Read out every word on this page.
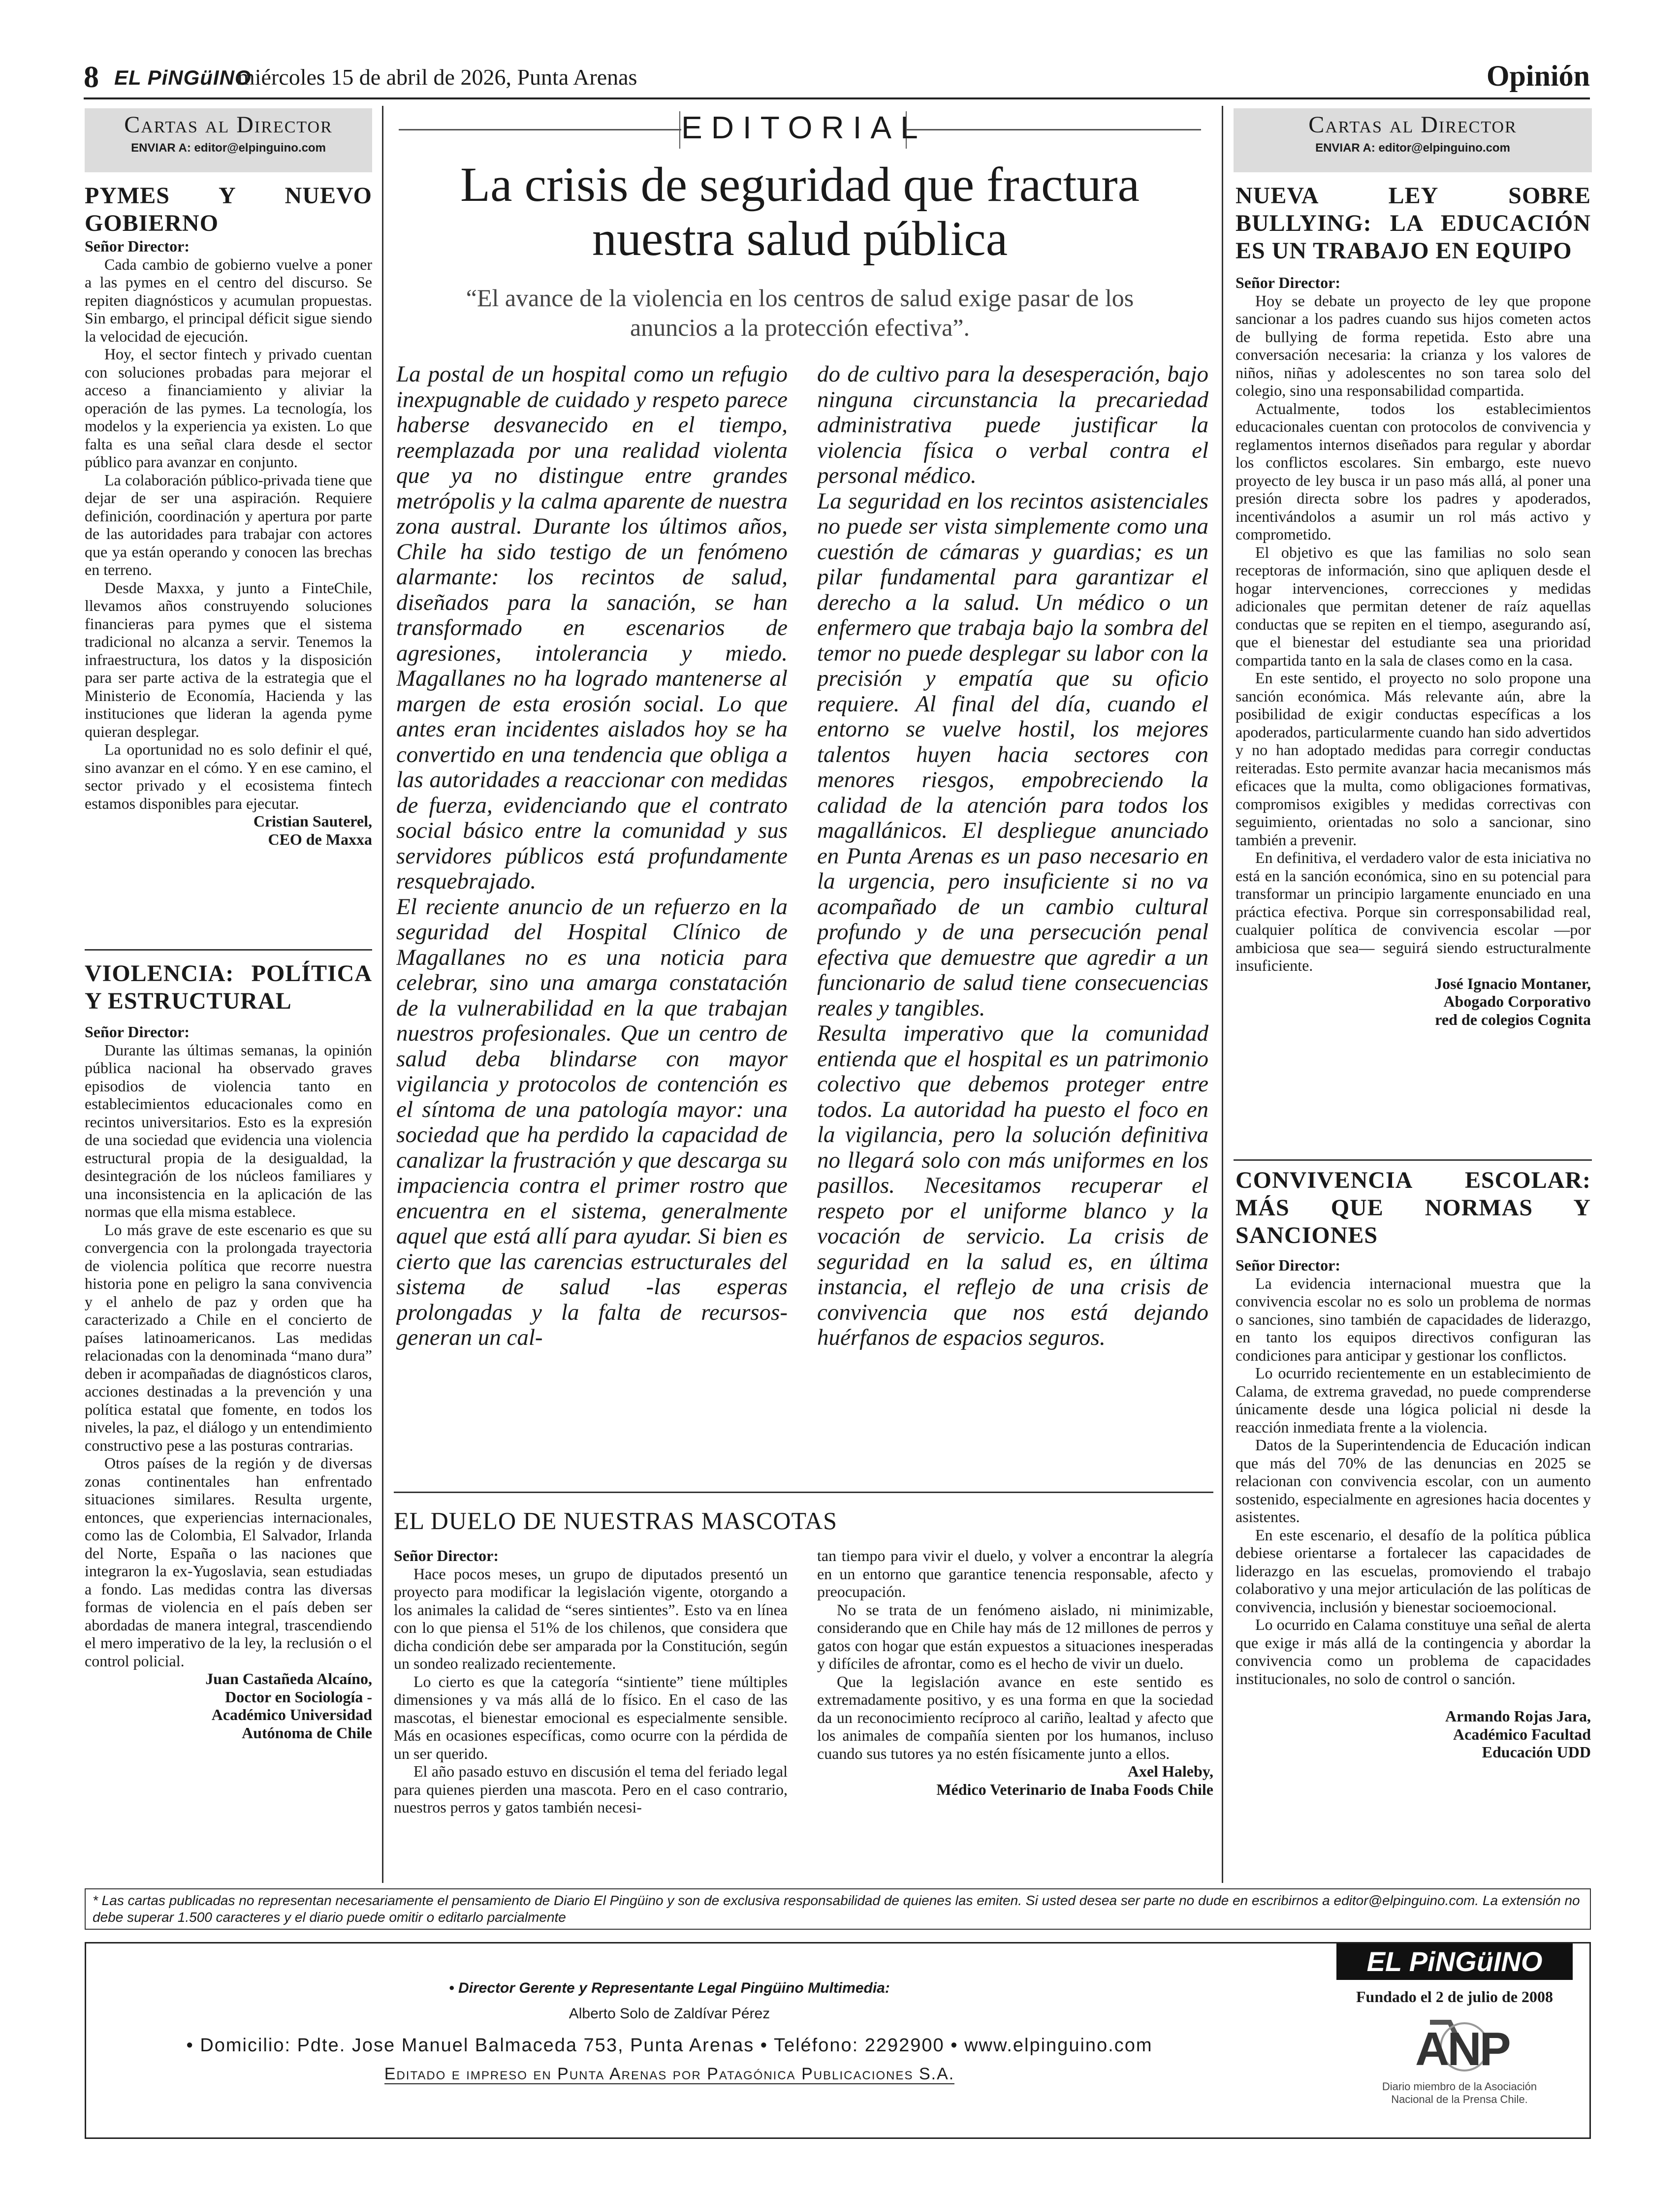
8 EL PiNGüINO
miércoles 15 de abril de 2026, Punta Arenas	Opinión
Cartas al Director
ENVIAR A: editor@elpinguino.com
PYMES Y NUEVO GOBIERNO

Señor Director:

Cada cambio de gobierno vuelve a poner a las pymes en el centro del discurso. Se repiten diagnósticos y acumulan propuestas. Sin embargo, el principal déficit sigue siendo la velocidad de ejecución.

Hoy, el sector fintech y privado cuentan con soluciones probadas para mejorar el acceso a financiamiento y aliviar la operación de las pymes. La tecnología, los modelos y la experiencia ya existen. Lo que falta es una señal clara desde el sector público para avanzar en conjunto.

La colaboración público-privada tiene que dejar de ser una aspiración. Requiere definición, coordinación y apertura por parte de las autoridades para trabajar con actores que ya están operando y conocen las brechas en terreno.

Desde Maxxa, y junto a FinteChile, llevamos años construyendo soluciones financieras para pymes que el sistema tradicional no alcanza a servir. Tenemos la infraestructura, los datos y la disposición para ser parte activa de la estrategia que el Ministerio de Economía, Hacienda y las instituciones que lideran la agenda pyme quieran desplegar.

La oportunidad no es solo definir el qué, sino avanzar en el cómo. Y en ese camino, el sector privado y el ecosistema fintech estamos disponibles para ejecutar.

Cristian Sauterel,

CEO de Maxxa

VIOLENCIA: POLÍTICA Y ESTRUCTURAL

Señor Director:

Durante las últimas semanas, la opinión pública nacional ha observado graves episodios de violencia tanto en establecimientos educacionales como en recintos universitarios. Esto es la expresión de una sociedad que evidencia una violencia estructural propia de la desigualdad, la desintegración de los núcleos familiares y una inconsistencia en la aplicación de las normas que ella misma establece.

Lo más grave de este escenario es que su convergencia con la prolongada trayectoria de violencia política que recorre nuestra historia pone en peligro la sana convivencia y el anhelo de paz y orden que ha caracterizado a Chile en el concierto de países latinoamericanos. Las medidas relacionadas con la denominada “mano dura” deben ir acompañadas de diagnósticos claros, acciones destinadas a la prevención y una política estatal que fomente, en todos los niveles, la paz, el diálogo y un entendimiento constructivo pese a las posturas contrarias.

Otros países de la región y de diversas zonas continentales han enfrentado situaciones similares. Resulta urgente, entonces, que experiencias internacionales, como las de Colombia, El Salvador, Irlanda del Norte, España o las naciones que integraron la ex-Yugoslavia, sean estudiadas a fondo. Las medidas contra las diversas formas de violencia en el país deben ser abordadas de manera integral, trascendiendo el mero imperativo de la ley, la reclusión o el control policial.

Juan Castañeda Alcaíno,

Doctor en Sociología -

Académico Universidad

Autónoma de Chile

EDITORIAL
La crisis de seguridad que fractura nuestra salud pública
“El avance de la violencia en los centros de salud exige pasar de los anuncios a la protección efectiva”.

La postal de un hospital como un refugio inexpugnable de cuidado y respeto parece haberse desvanecido en el tiempo, reemplazada por una realidad violenta que ya no distingue entre grandes metrópolis y la calma aparente de nuestra zona austral. Durante los últimos años, Chile ha sido testigo de un fenómeno alarmante: los recintos de salud, diseñados para la sanación, se han transformado en escenarios de agresiones, intolerancia y miedo. Magallanes no ha logrado mantenerse al margen de esta erosión social. Lo que antes eran incidentes aislados hoy se ha convertido en una tendencia que obliga a las autoridades a reaccionar con medidas de fuerza, evidenciando que el contrato social básico entre la comunidad y sus servidores públicos está profundamente resquebrajado.

El reciente anuncio de un refuerzo en la seguridad del Hospital Clínico de Magallanes no es una noticia para celebrar, sino una amarga constatación de la vulnerabilidad en la que trabajan nuestros profesionales. Que un centro de salud deba blindarse con mayor vigilancia y protocolos de contención es el síntoma de una patología mayor: una sociedad que ha perdido la capacidad de canalizar la frustración y que descarga su impaciencia contra el primer rostro que encuentra en el sistema, generalmente aquel que está allí para ayudar. Si bien es cierto que las carencias estructurales del sistema de salud -las esperas prolongadas y la falta de recursos- generan un cal-

do de cultivo para la desesperación, bajo ninguna circunstancia la precariedad administrativa puede justificar la violencia física o verbal contra el personal médico.

La seguridad en los recintos asistenciales no puede ser vista simplemente como una cuestión de cámaras y guardias; es un pilar fundamental para garantizar el derecho a la salud. Un médico o un enfermero que trabaja bajo la sombra del temor no puede desplegar su labor con la precisión y empatía que su oficio requiere. Al final del día, cuando el entorno se vuelve hostil, los mejores talentos huyen hacia sectores con menores riesgos, empobreciendo la calidad de la atención para todos los magallánicos. El despliegue anunciado en Punta Arenas es un paso necesario en la urgencia, pero insuficiente si no va acompañado de un cambio cultural profundo y de una persecución penal efectiva que demuestre que agredir a un funcionario de salud tiene consecuencias reales y tangibles.

Resulta imperativo que la comunidad entienda que el hospital es un patrimonio colectivo que debemos proteger entre todos. La autoridad ha puesto el foco en la vigilancia, pero la solución definitiva no llegará solo con más uniformes en los pasillos. Necesitamos recuperar el respeto por el uniforme blanco y la vocación de servicio. La crisis de seguridad en la salud es, en última instancia, el reflejo de una crisis de convivencia que nos está dejando huérfanos de espacios seguros.

EL DUELO DE NUESTRAS MASCOTAS

Señor Director:

Hace pocos meses, un grupo de diputados presentó un proyecto para modificar la legislación vigente, otorgando a los animales la calidad de “seres sintientes”. Esto va en línea con lo que piensa el 51% de los chilenos, que considera que dicha condición debe ser amparada por la Constitución, según un sondeo realizado recientemente.

Lo cierto es que la categoría “sintiente” tiene múltiples dimensiones y va más allá de lo físico. En el caso de las mascotas, el bienestar emocional es especialmente sensible. Más en ocasiones específicas, como ocurre con la pérdida de un ser querido.

El año pasado estuvo en discusión el tema del feriado legal para quienes pierden una mascota. Pero en el caso contrario, nuestros perros y gatos también necesi-

tan tiempo para vivir el duelo, y volver a encontrar la alegría en un entorno que garantice tenencia responsable, afecto y preocupación.

No se trata de un fenómeno aislado, ni minimizable, considerando que en Chile hay más de 12 millones de perros y gatos con hogar que están expuestos a situaciones inesperadas y difíciles de afrontar, como es el hecho de vivir un duelo.

Que la legislación avance en este sentido es extremadamente positivo, y es una forma en que la sociedad da un reconocimiento recíproco al cariño, lealtad y afecto que los animales de compañía sienten por los humanos, incluso cuando sus tutores ya no estén físicamente junto a ellos.

Axel Haleby,

Médico Veterinario de Inaba Foods Chile

Cartas al Director
ENVIAR A: editor@elpinguino.com
NUEVA LEY SOBRE BULLYING: LA EDUCACIÓN ES UN TRABAJO EN EQUIPO

Señor Director:

Hoy se debate un proyecto de ley que propone sancionar a los padres cuando sus hijos cometen actos de bullying de forma repetida. Esto abre una conversación necesaria: la crianza y los valores de niños, niñas y adolescentes no son tarea solo del colegio, sino una responsabilidad compartida.

Actualmente, todos los establecimientos educacionales cuentan con protocolos de convivencia y reglamentos internos diseñados para regular y abordar los conflictos escolares. Sin embargo, este nuevo proyecto de ley busca ir un paso más allá, al poner una presión directa sobre los padres y apoderados, incentivándolos a asumir un rol más activo y comprometido.

El objetivo es que las familias no solo sean receptoras de información, sino que apliquen desde el hogar intervenciones, correcciones y medidas adicionales que permitan detener de raíz aquellas conductas que se repiten en el tiempo, asegurando así, que el bienestar del estudiante sea una prioridad compartida tanto en la sala de clases como en la casa.

En este sentido, el proyecto no solo propone una sanción económica. Más relevante aún, abre la posibilidad de exigir conductas específicas a los apoderados, particularmente cuando han sido advertidos y no han adoptado medidas para corregir conductas reiteradas. Esto permite avanzar hacia mecanismos más eficaces que la multa, como obligaciones formativas, compromisos exigibles y medidas correctivas con seguimiento, orientadas no solo a sancionar, sino también a prevenir.

En definitiva, el verdadero valor de esta iniciativa no está en la sanción económica, sino en su potencial para transformar un principio largamente enunciado en una práctica efectiva. Porque sin corresponsabilidad real, cualquier política de convivencia escolar —por ambiciosa que sea— seguirá siendo estructuralmente insuficiente.

José Ignacio Montaner,

Abogado Corporativo

red de colegios Cognita

CONVIVENCIA ESCOLAR: MÁS QUE NORMAS Y SANCIONES

Señor Director:

La evidencia internacional muestra que la convivencia escolar no es solo un problema de normas o sanciones, sino también de capacidades de liderazgo, en tanto los equipos directivos configuran las condiciones para anticipar y gestionar los conflictos.

Lo ocurrido recientemente en un establecimiento de Calama, de extrema gravedad, no puede comprenderse únicamente desde una lógica policial ni desde la reacción inmediata frente a la violencia.

Datos de la Superintendencia de Educación indican que más del 70% de las denuncias en 2025 se relacionan con convivencia escolar, con un aumento sostenido, especialmente en agresiones hacia docentes y asistentes.

En este escenario, el desafío de la política pública debiese orientarse a fortalecer las capacidades de liderazgo en las escuelas, promoviendo el trabajo colaborativo y una mejor articulación de las políticas de convivencia, inclusión y bienestar socioemocional.

Lo ocurrido en Calama constituye una señal de alerta que exige ir más allá de la contingencia y abordar la convivencia como un problema de capacidades institucionales, no solo de control o sanción.

Armando Rojas Jara,

Académico Facultad

Educación UDD

* Las cartas publicadas no representan necesariamente el pensamiento de Diario El Pingüino y son de exclusiva responsabilidad de quienes las emiten. Si usted desea ser parte no dude en escribirnos a editor@elpinguino.com. La extensión no debe superar 1.500 caracteres y el diario puede omitir o editarlo parcialmente
• Director Gerente y Representante Legal Pingüino Multimedia:
Alberto Solo de Zaldívar Pérez
• Domicilio: Pdte. Jose Manuel Balmaceda 753, Punta Arenas • Teléfono: 2292900 • www.elpinguino.com
Editado e impreso en Punta Arenas por Patagónica Publicaciones S.A.
EL PiNGüINO
Fundado el 2 de julio de 2008
ANP
Diario miembro de la Asociación Nacional de la Prensa Chile.
